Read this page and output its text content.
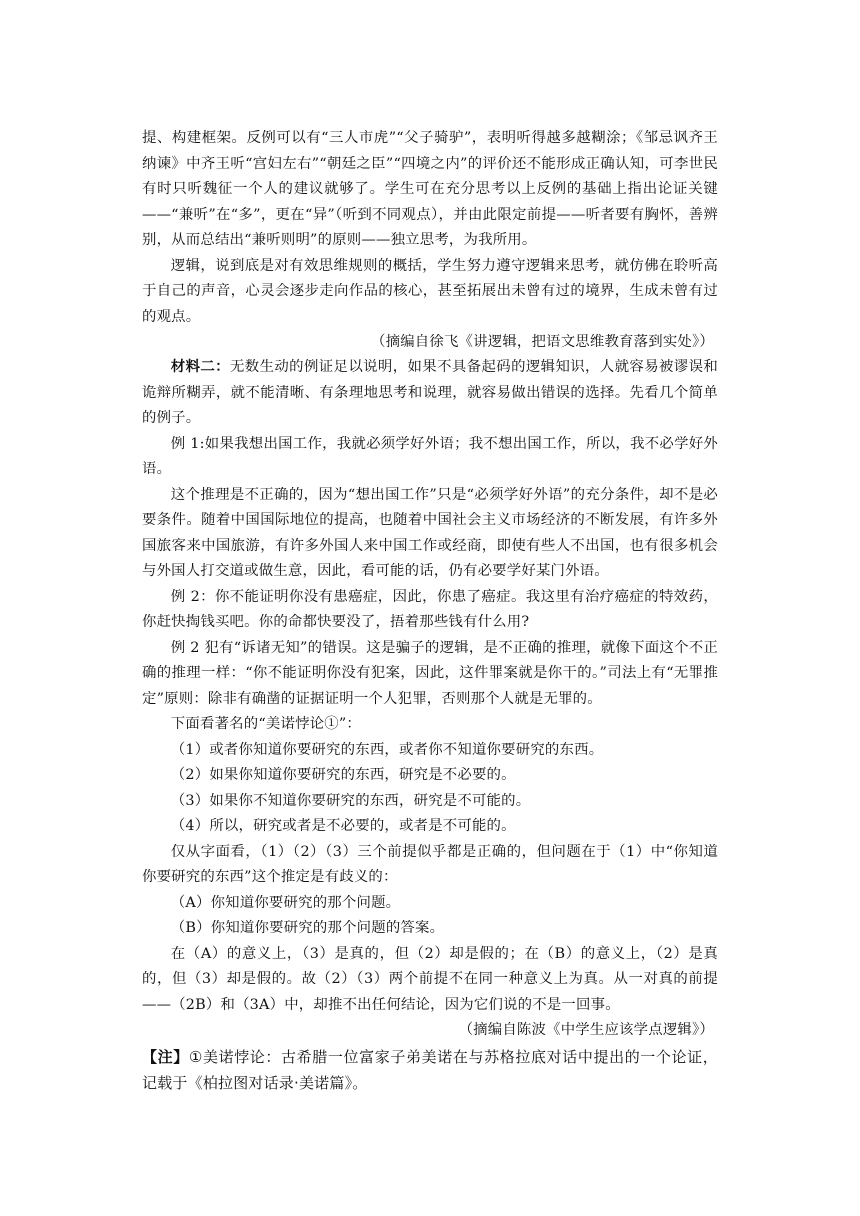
提、构建框架。反例可以有“三人市虎”“父子骑驴”，表明听得越多越糊涂；《邹忌讽齐王纳谏》中齐王听“宫妇左右”“朝廷之臣”“四境之内”的评价还不能形成正确认知，可李世民有时只听魏征一个人的建议就够了。学生可在充分思考以上反例的基础上指出论证关键——“兼听”在“多”，更在“异”（听到不同观点），并由此限定前提——听者要有胸怀，善辨别，从而总结出“兼听则明”的原则——独立思考，为我所用。

逻辑，说到底是对有效思维规则的概括，学生努力遵守逻辑来思考，就仿佛在聆听高于自己的声音，心灵会逐步走向作品的核心，甚至拓展出未曾有过的境界，生成未曾有过的观点。

（摘编自徐飞《讲逻辑，把语文思维教育落到实处》）

材料二：无数生动的例证足以说明，如果不具备起码的逻辑知识，人就容易被谬误和诡辩所糊弄，就不能清晰、有条理地思考和说理，就容易做出错误的选择。先看几个简单的例子。

例 1:如果我想出国工作，我就必须学好外语；我不想出国工作，所以，我不必学好外语。

这个推理是不正确的，因为“想出国工作”只是“必须学好外语”的充分条件，却不是必要条件。随着中国国际地位的提高，也随着中国社会主义市场经济的不断发展，有许多外国旅客来中国旅游，有许多外国人来中国工作或经商，即使有些人不出国，也有很多机会与外国人打交道或做生意，因此，看可能的话，仍有必要学好某门外语。

例 2：你不能证明你没有患癌症，因此，你患了癌症。我这里有治疗癌症的特效药，你赶快掏钱买吧。你的命都快要没了，捂着那些钱有什么用?

例 2 犯有“诉诸无知”的错误。这是骗子的逻辑，是不正确的推理，就像下面这个不正确的推理一样：“你不能证明你没有犯案，因此，这件罪案就是你干的。”司法上有“无罪推定”原则：除非有确凿的证据证明一个人犯罪，否则那个人就是无罪的。

下面看著名的“美诺悖论①”：

（1）或者你知道你要研究的东西，或者你不知道你要研究的东西。

（2）如果你知道你要研究的东西，研究是不必要的。

（3）如果你不知道你要研究的东西，研究是不可能的。

（4）所以，研究或者是不必要的，或者是不可能的。

仅从字面看，（1）（2）（3）三个前提似乎都是正确的，但问题在于（1）中“你知道你要研究的东西”这个推定是有歧义的：

（A）你知道你要研究的那个问题。

（B）你知道你要研究的那个问题的答案。

在（A）的意义上，（3）是真的，但（2）却是假的；在（B）的意义上，（2）是真的，但（3）却是假的。故（2）（3）两个前提不在同一种意义上为真。从一对真的前提——（2B）和（3A）中，却推不出任何结论，因为它们说的不是一回事。

（摘编自陈波《中学生应该学点逻辑》）

【注】①美诺悖论：古希腊一位富家子弟美诺在与苏格拉底对话中提出的一个论证，记载于《柏拉图对话录·美诺篇》。
